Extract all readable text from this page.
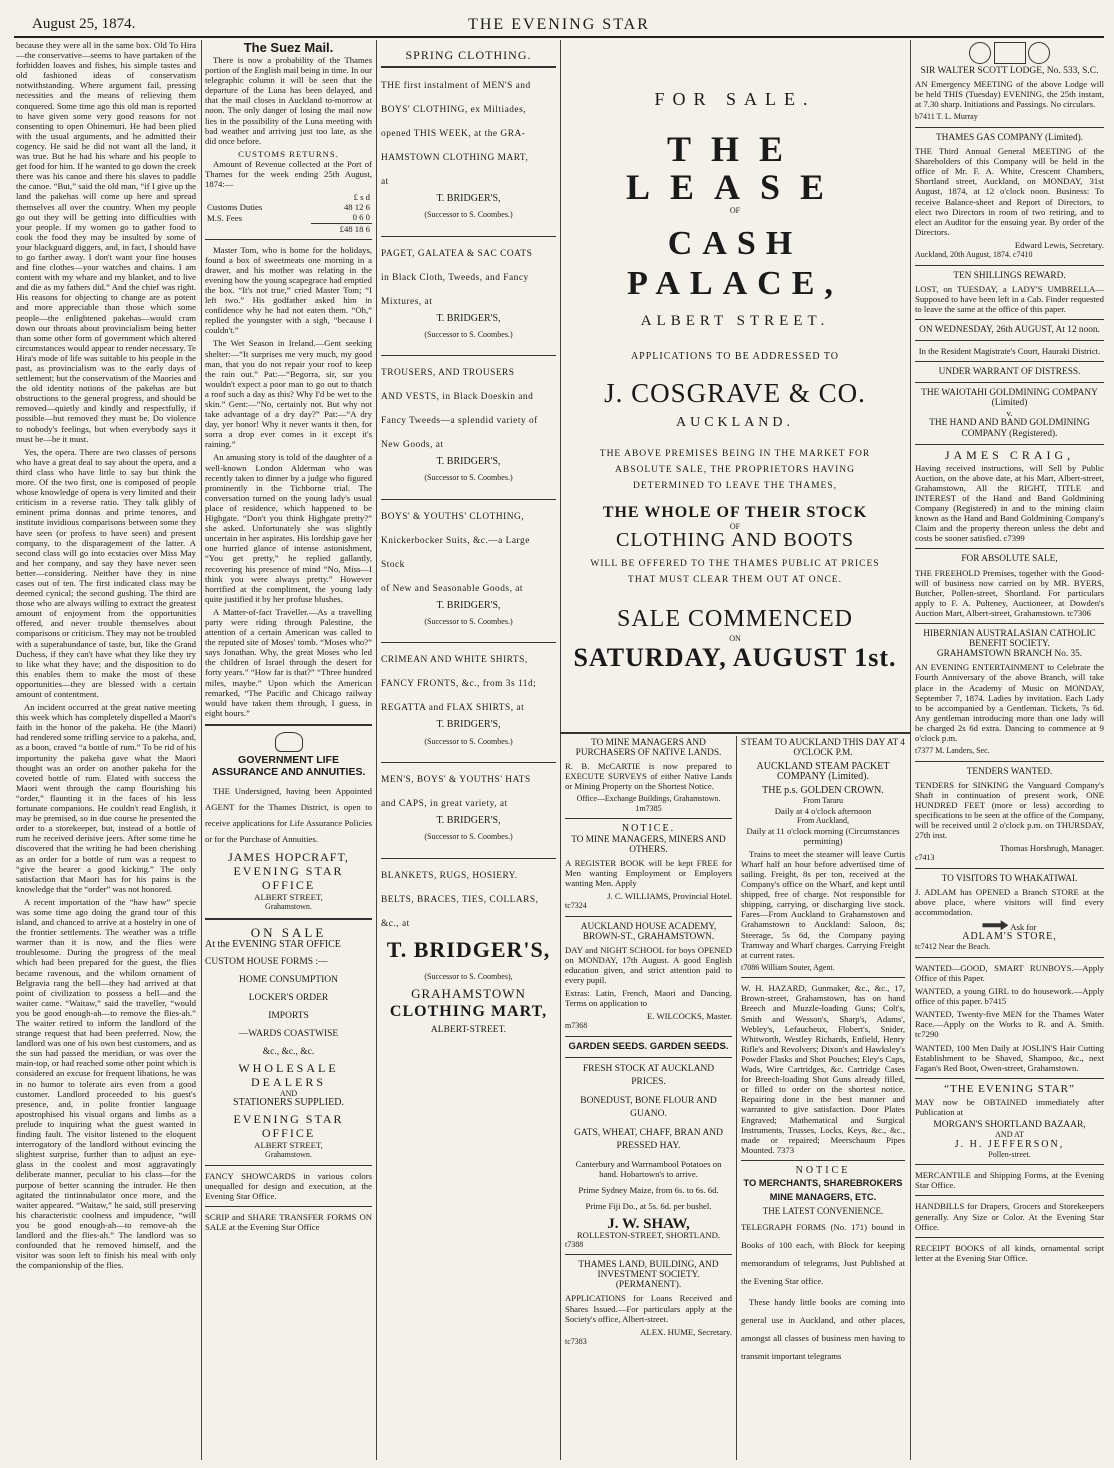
August 25, 1874.	THE EVENING STAR

because they were all in the same box. Old To Hira—the conservative—seems to have partaken of the forbidden loaves and fishes, his simple tastes and old fashioned ideas of conservatism notwithstanding. Where argument fail, pressing necessities and the means of relieving them conquered. Some time ago this old man is reported to have given some very good reasons for not consenting to open Ohinemuri. He had been plied with the usual arguments, and he admitted their cogency. He said he did not want all the land, it was true. But he had his whare and his people to get food for him. If he wanted to go down the creek there was his canoe and there his slaves to paddle the canoe. “But,” said the old man, “if I give up the land the pakehas will come up here and spread themselves all over the country. When my people go out they will be getting into difficulties with your people. If my women go to gather food to cook the food they may be insulted by some of your blackguard diggers, and, in fact, I should have to go farther away. I don't want your fine houses and fine clothes—your watches and chains. I am content with my whare and my blanket, and to live and die as my fathers did.” And the chief was right. His reasons for objecting to change are as potent and more appreciable than those which some people—the enlightened pakehas—would cram down our throats about provincialism being better than some other form of government which altered circumstances would appear to render necessary. Te Hira's mode of life was suitable to his people in the past, as provincialism was to the early days of settlement; but the conservatism of the Maories and the old identity notions of the pakehas are but obstructions to the general progress, and should be removed—quietly and kindly and respectfully, if possible—but removed they must be. Do violence to nobody's feelings, but when everybody says it must be—be it must.

Yes, the opera. There are two classes of persons who have a great deal to say about the opera, and a third class who have little to say but think the more. Of the two first, one is composed of people whose knowledge of opera is very limited and their criticism in a reverse ratio. They talk glibly of eminent prima donnas and prime tenores, and institute invidious comparisons between some they have seen (or profess to have seen) and present company, to the disparagement of the latter. A second class will go into ecstacies over Miss May and her company, and say they have never seen better—considering. Neither have they in nine cases out of ten. The first indicated class may be deemed cynical; the second gushing. The third are those who are always willing to extract the greatest amount of enjoyment from the opportunities offered, and never trouble themselves about comparisons or criticism. They may not be troubled with a superabundance of taste, but, like the Grand Duchess, if they can't have what they like they try to like what they have; and the disposition to do this enables them to make the most of these opportunities—they are blessed with a certain amount of contentment.

An incident occurred at the great native meeting this week which has completely dispelled a Maori's faith in the honor of the pakeha. He (the Maori) had rendered some trifling service to a pakeha, and, as a boon, craved “a bottle of rum.” To be rid of his importunity the pakeha gave what the Maori thought was an order on another pakeha for the coveted bottle of rum. Elated with success the Maori went through the camp flourishing his “order,” flaunting it in the faces of his less fortunate companions. He couldn't read English, it may be premised, so in due course he presented the order to a storekeeper, but, instead of a bottle of rum he received derisive jeers. After some time he discovered that the writing he had been cherishing as an order for a bottle of rum was a request to “give the bearer a good kicking.” The only satisfaction that Maori has for his pains is the knowledge that the “order” was not honored.

A recent importation of the “haw haw” specie was some time ago doing the grand tour of this island, and chanced to arrive at a hostelry in one of the frontier settlements. The weather was a trifle warmer than it is now, and the flies were troublesome. During the progress of the meal which had been prepared for the guest, the flies became ravenous, and the whilom ornament of Belgravia rang the bell—they had arrived at that point of civilization to possess a bell—and the waiter came. “Waitaw,” said the traveller, “would you be good enough-ah—to remove the flies-ah.” The waiter retired to inform the landlord of the strange request that had been preferred. Now, the landlord was one of his own best customers, and as the sun had passed the meridian, or was over the main-top, or had reached some other point which is considered an excuse for frequent libations, he was in no humor to tolerate airs even from a good customer. Landlord proceeded to his guest's presence, and, in polite frontier language apostrophised his visual organs and limbs as a prelude to inquiring what the guest wanted in finding fault. The visitor listened to the eloquent interrogatory of the landlord without evincing the slightest surprise, further than to adjust an eye-glass in the coolest and most aggravatingly deliberate manner, peculiar to his class—for the purpose of better scanning the intruder. He then agitated the tintinnabulator once more, and the waiter appeared. “Waitaw,” he said, still preserving his characteristic coolness and impudence, “will you be good enough-ah—to remove-ah the landlord and the flies-ah.” The landlord was so confounded that he removed himself, and the visitor was soon left to finish his meal with only the companionship of the flies.

The Suez Mail.

There is now a probability of the Thames portion of the English mail being in time. In our telegraphic column it will be seen that the departure of the Luna has been delayed, and that the mail closes in Auckland to-morrow at noon. The only danger of losing the mail now lies in the possibility of the Luna meeting with bad weather and arriving just too late, as she did once before.

CUSTOMS RETURNS.

Amount of Revenue collected at the Port of Thames for the week ending 25th August, 1874:—

	£ s d
Customs Duties	48 12 6
M.S. Fees	0 6 0
	£48 18 6

Master Tom, who is home for the holidays, found a box of sweetmeats one morning in a drawer, and his mother was relating in the evening how the young scapegrace had emptied the box. “It's not true,” cried Master Tom; “I left two.” His godfather asked him in confidence why he had not eaten them. “Oh,” replied the youngster with a sigh, “because I couldn't.”

The Wet Season in Ireland.—Gent seeking shelter:—“It surprises me very much, my good man, that you do not repair your roof to keep the rain out.” Pat:—“Begorra, sir, sur you wouldn't expect a poor man to go out to thatch a roof such a day as this? Why I'd be wet to the skin.” Gent:—“No, certainly not. But why not take advantage of a dry day?” Pat:—“A dry day, yer honor! Why it never wants it then, for sorra a drop ever comes in it except it's raining.”

An amusing story is told of the daughter of a well-known London Alderman who was recently taken to dinner by a judge who figured prominently in the Tichborne trial. The conversation turned on the young lady's usual place of residence, which happened to be Highgate. “Don't you think Highgate pretty?” she asked. Unfortunately she was slightly uncertain in her aspirates. His lordship gave her one hurried glance of intense astonishment, “You get pretty,” he replied gallantly, recovering his presence of mind “No, Miss—I think you were always pretty.” However horrified at the compliment, the young lady quite justified it by her profuse blushes.

A Matter-of-fact Traveller.—As a travelling party were riding through Palestine, the attention of a certain American was called to the reputed site of Moses' tomb. “Moses who?” says Jonathan. Why, the great Moses who led the children of Israel through the desert for forty years.” “How far is that?” “Three hundred miles, maybe.” Upon which the American remarked, “The Pacific and Chicago railway would have taken them through, I guess, in eight hours.”

GOVERNMENT LIFE ASSURANCE AND ANNUITIES.

THE Undersigned, having been Appointed AGENT for the Thames District, is open to receive applications for Life Assurance Policies or for the Purchase of Annuities.

JAMES HOPCRAFT,
EVENING STAR OFFICE
ALBERT STREET,
Grahamstown.
ON SALE

At the EVENING STAR OFFICE

CUSTOM HOUSE FORMS :—
HOME CONSUMPTION
LOCKER'S ORDER
IMPORTS
—WARDS COASTWISE
&c., &c., &c.
WHOLESALE DEALERS
AND
STATIONERS SUPPLIED.
EVENING STAR OFFICE
ALBERT STREET,
Grahamstown.

FANCY SHOWCARDS in various colors unequalled for design and execution, at the Evening Star Office.

SCRIP and SHARE TRANSFER FORMS ON SALE at the Evening Star Office

SPRING CLOTHING.
THE first instalment of MEN'S and
BOYS' CLOTHING, ex Miltiades,
opened THIS WEEK, at the GRA-
HAMSTOWN CLOTHING MART,
at
T. BRIDGER'S,
(Successor to S. Coombes.)
PAGET, GALATEA & SAC COATS
in Black Cloth, Tweeds, and Fancy
Mixtures, at
T. BRIDGER'S,
(Successor to S. Coombes.)
TROUSERS, AND TROUSERS
AND VESTS, in Black Doeskin and
Fancy Tweeds—a splendid variety of
New Goods, at
T. BRIDGER'S,
(Successor to S. Coombes.)
BOYS' & YOUTHS' CLOTHING,
Knickerbocker Suits, &c.—a Large Stock
of New and Seasonable Goods, at
T. BRIDGER'S,
(Successor to S. Coombes.)
CRIMEAN AND WHITE SHIRTS,
FANCY FRONTS, &c., from 3s 11d;
REGATTA and FLAX SHIRTS, at
T. BRIDGER'S,
(Successor to S. Coombes.)
MEN'S, BOYS' & YOUTHS' HATS
and CAPS, in great variety, at
T. BRIDGER'S,
(Successor to S. Coombes.)
BLANKETS, RUGS, HOSIERY.
BELTS, BRACES, TIES, COLLARS,
&c., at
T. BRIDGER'S,
(Successor to S. Coombes),
GRAHAMSTOWN
CLOTHING MART,
ALBERT-STREET.
FOR SALE.
THE LEASE
OF
CASH PALACE,
ALBERT STREET.
APPLICATIONS TO BE ADDRESSED TO
J. COSGRAVE & CO.
AUCKLAND.
THE ABOVE PREMISES BEING IN THE MARKET FOR ABSOLUTE SALE, THE PROPRIETORS HAVING DETERMINED TO LEAVE THE THAMES,
THE WHOLE OF THEIR STOCK
OF
CLOTHING AND BOOTS
WILL BE OFFERED TO THE THAMES PUBLIC AT PRICES THAT MUST CLEAR THEM OUT AT ONCE.
SALE COMMENCED
ON
SATURDAY, AUGUST 1st.
TO MINE MANAGERS AND PURCHASERS OF NATIVE LANDS.

R. B. McCARTIE is now prepared to EXECUTE SURVEYS of either Native Lands or Mining Property on the Shortest Notice.

Office—Exchange Buildings, Grahamstown. 1m7385
NOTICE.
TO MINE MANAGERS, MINERS AND OTHERS.

A REGISTER BOOK will be kept FREE for Men wanting Employment or Employers wanting Men. Apply

J. C. WILLIAMS, Provincial Hotel.
tc7324
AUCKLAND HOUSE ACADEMY, BROWN-ST., GRAHAMSTOWN.

DAY and NIGHT SCHOOL for boys OPENED on MONDAY, 17th August. A good English education given, and strict attention paid to every pupil.

Extras: Latin, French, Maori and Dancing. Terms on application to

E. WILCOCKS, Master.
m7368
GARDEN SEEDS. GARDEN SEEDS.
FRESH STOCK AT AUCKLAND PRICES.
BONEDUST, BONE FLOUR AND GUANO.
GATS, WHEAT, CHAFF, BRAN AND PRESSED HAY.
Canterbury and Warrnambool Potatoes on hand. Hobartown's to arrive.
Prime Sydney Maize, from 6s. to 6s. 6d.
Prime Fiji Do., at 5s. 6d. per bushel.
J. W. SHAW,
ROLLESTON-STREET, SHORTLAND.
t7388
THAMES LAND, BUILDING, AND INVESTMENT SOCIETY. (PERMANENT).

APPLICATIONS for Loans Received and Shares Issued.—For particulars apply at the Society's office, Albert-street.

ALEX. HUME, Secretary.
tc7383
STEAM TO AUCKLAND THIS DAY AT 4 O'CLOCK P.M.
AUCKLAND STEAM PACKET COMPANY (Limited).
THE p.s. GOLDEN CROWN.
From Tararu
Daily at 4 o'clock afternoon
From Auckland,
Daily at 11 o'clock morning (Circumstances permitting)

Trains to meet the steamer will leave Curtis Wharf half an hour before advertised time of sailing. Freight, 8s per ton, received at the Company's office on the Wharf, and kept until shipped, free of charge. Not responsible for shipping, carrying, or discharging live stock. Fares—From Auckland to Grahamstown and Grahamstown to Auckland: Saloon, 8s; Steerage, 5s 6d, the Company paying Tramway and Wharf charges. Carrying Freight at current rates.

t7086 William Souter, Agent.

W. H. HAZARD, Gunmaker, &c., &c., 17, Brown-street, Grahamstown, has on hand Breech and Muzzle-loading Guns; Colt's, Smith and Wesson's, Sharp's, Adams', Webley's, Lefaucheux, Flobert's, Snider, Whitworth, Westley Richards, Enfield, Henry Rifle's and Revolvers; Dixon's and Hawksley's Powder Flasks and Shot Pouches; Eley's Caps, Wads, Wire Cartridges, &c. Cartridge Cases for Breech-loading Shot Guns already filled, or filled to order on the shortest notice. Repairing done in the best manner and warranted to give satisfaction. Door Plates Engraved; Mathematical and Surgical Instruments, Trusses, Locks, Keys, &c., &c., made or repaired; Meerschaum Pipes Mounted. 7373

NOTICE
TO MERCHANTS, SHAREBROKERS MINE MANAGERS, ETC.
THE LATEST CONVENIENCE.

TELEGRAPH FORMS (No. 171) bound in Books of 100 each, with Block for keeping memorandum of telegrams, Just Published at the Evening Star office.

These handy little books are coming into general use in Auckland, and other places, amongst all classes of business men having to transmit important telegrams

SIR WALTER SCOTT LODGE, No. 533, S.C.

AN Emergency MEETING of the above Lodge will be held THIS (Tuesday) EVENING, the 25th instant, at 7.30 sharp. Initiations and Passings. No circulars.

b7411 T. L. Murray
THAMES GAS COMPANY (Limited).

THE Third Annual General MEETING of the Shareholders of this Company will be held in the office of Mr. F. A. White, Crescent Chambers, Shortland street, Auckland, on MONDAY, 31st August, 1874, at 12 o'clock noon. Business: To receive Balance-sheet and Report of Directors, to elect two Directors in room of two retiring, and to elect an Auditor for the ensuing year. By order of the Directors.

Edward Lewis, Secretary.
Auckland, 20th August, 1874. c7410
TEN SHILLINGS REWARD.

LOST, on TUESDAY, a LADY'S UMBRELLA—Supposed to have been left in a Cab. Finder requested to leave the same at the office of this paper.

ON WEDNESDAY, 26th AUGUST, At 12 noon.
In the Resident Magistrate's Court, Hauraki District.
UNDER WARRANT OF DISTRESS.
THE WAIOTAHI GOLDMINING COMPANY (Limited)
v.
THE HAND AND BAND GOLDMINING COMPANY (Registered).
JAMES CRAIG,

Having received instructions, will Sell by Public Auction, on the above date, at his Mart, Albert-street, Grahamstown, All the RIGHT, TITLE and INTEREST of the Hand and Band Goldmining Company (Registered) in and to the mining claim known as the Hand and Band Goldmining Company's Claim and the property thereon unless the debt and costs be sooner satisfied. c7399

FOR ABSOLUTE SALE,

THE FREEHOLD Premises, together with the Good-will of business now carried on by MR. BYERS, Butcher, Pollen-street, Shortland. For particulars apply to F. A. Pulteney, Auctioneer, at Dowden's Auction Mart, Albert-street, Grahamstown. tc7306

HIBERNIAN AUSTRALASIAN CATHOLIC BENEFIT SOCIETY.
GRAHAMSTOWN BRANCH No. 35.

AN EVENING ENTERTAINMENT to Celebrate the Fourth Anniversary of the above Branch, will take place in the Academy of Music on MONDAY, September 7, 1874. Ladies by invitation. Each Lady to be accompanied by a Gentleman. Tickets, 7s 6d. Any gentleman introducing more than one lady will be charged 2s 6d extra. Dancing to commence at 9 o'clock p.m.

t7377 M. Landers, Sec.
TENDERS WANTED.

TENDERS for SINKING the Vanguard Company's Shaft in continuation of present work, ONE HUNDRED FEET (more or less) according to specifications to be seen at the office of the Company, will be received until 2 o'clock p.m. on THURSDAY, 27th inst.

Thomas Horsbrugh, Manager.
c7413
TO VISITORS TO WHAKATIWAI.

J. ADLAM has OPENED a Branch STORE at the above place, where visitors will find every accommodation.

Ask for
ADLAM'S STORE,
tc7412 Near the Beach.

WANTED—GOOD, SMART RUNBOYS.—Apply Office of this Paper.

WANTED, a young GIRL to do housework.—Apply office of this paper. b7415

WANTED, Twenty-five MEN for the Thames Water Race.—Apply on the Works to R. and A. Smith. tc7290

WANTED, 100 Men Daily at JOSLIN'S Hair Cutting Establishment to be Shaved, Shampoo, &c., next Fagan's Red Boot, Owen-street, Grahamstown.

“THE EVENING STAR”

MAY now be OBTAINED immediately after Publication at

MORGAN'S SHORTLAND BAZAAR,
AND AT
J. H. JEFFERSON,
Pollen-street.

MERCANTILE and Shipping Forms, at the Evening Star Office.

HANDBILLS for Drapers, Grocers and Storekeepers generally. Any Size or Color. At the Evening Star Office.

RECEIPT BOOKS of all kinds, ornamental script letter at the Evening Star Office.
